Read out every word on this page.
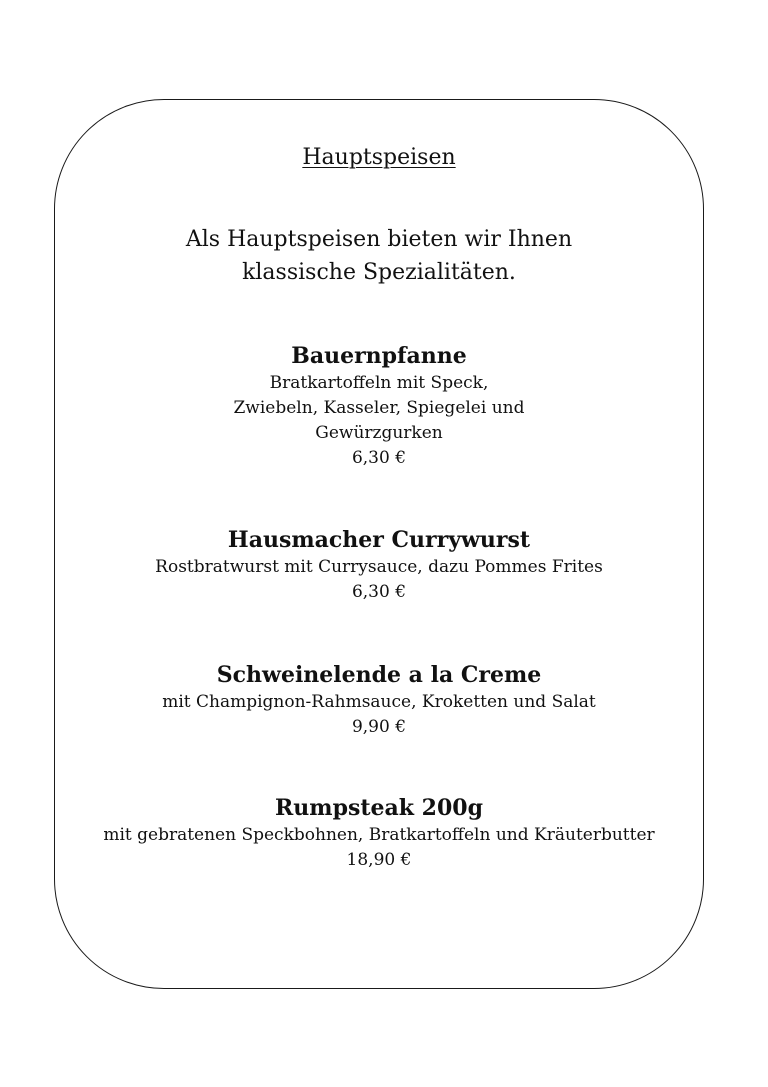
Hauptspeisen
Als Hauptspeisen bieten wir Ihnen
klassische Spezialitäten.
Bauernpfanne
Bratkartoffeln mit Speck,
Zwiebeln, Kasseler, Spiegelei und
Gewürzgurken
6,30 €
Hausmacher Currywurst
Rostbratwurst mit Currysauce, dazu Pommes Frites
6,30 €
Schweinelende a la Creme
mit Champignon-Rahmsauce, Kroketten und Salat
9,90 €
Rumpsteak 200g
mit gebratenen Speckbohnen, Bratkartoffeln und Kräuterbutter
18,90 €
